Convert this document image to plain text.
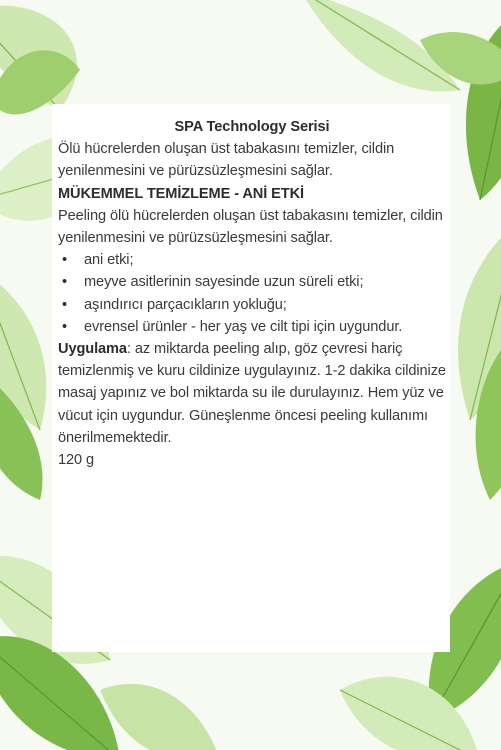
SPA Technology Serisi

Ölü hücrelerden oluşan üst tabakasını temizler, cildin yenilenmesini ve pürüzsüzleşmesini sağlar.

MÜKEMMEL TEMİZLEME - ANİ ETKİ

Peeling ölü hücrelerden oluşan üst tabakasını temizler, cildin yenilenmesini ve pürüzsüzleşmesini sağlar.

• ani etki;
• meyve asitlerinin sayesinde uzun süreli etki;
• aşındırıcı parçacıkların yokluğu;
• evrensel ürünler - her yaş ve cilt tipi için uygundur.

Uygulama: az miktarda peeling alıp, göz çevresi hariç temizlenmiş ve kuru cildinize uygulayınız. 1-2 dakika cildinize masaj yapınız ve bol miktarda su ile durulayınız. Hem yüz ve vücut için uygundur. Güneşlenme öncesi peeling kullanımı önerilmemektedir.

120 g
